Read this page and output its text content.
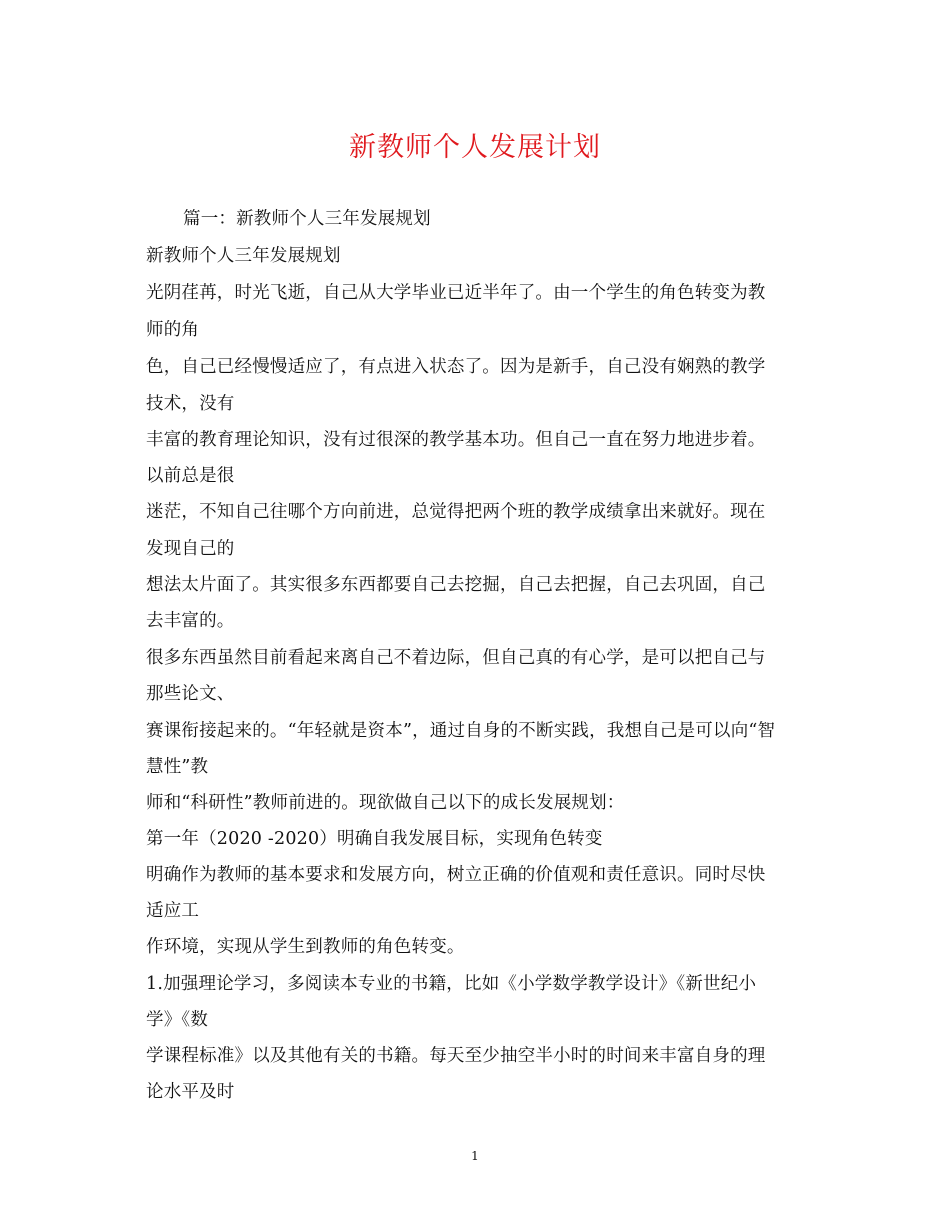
新教师个人发展计划
篇一：新教师个人三年发展规划
新教师个人三年发展规划
光阴荏苒，时光飞逝，自己从大学毕业已近半年了。由一个学生的角色转变为教
师的角
色，自己已经慢慢适应了，有点进入状态了。因为是新手，自己没有娴熟的教学
技术，没有
丰富的教育理论知识，没有过很深的教学基本功。但自己一直在努力地进步着。
以前总是很
迷茫，不知自己往哪个方向前进，总觉得把两个班的教学成绩拿出来就好。现在
发现自己的
想法太片面了。其实很多东西都要自己去挖掘，自己去把握，自己去巩固，自己
去丰富的。
很多东西虽然目前看起来离自己不着边际，但自己真的有心学，是可以把自己与
那些论文、
赛课衔接起来的。“年轻就是资本”，通过自身的不断实践，我想自己是可以向“智
慧性”教
师和“科研性”教师前进的。现欲做自己以下的成长发展规划：
第一年（2020 -2020）明确自我发展目标，实现角色转变
明确作为教师的基本要求和发展方向，树立正确的价值观和责任意识。同时尽快
适应工
作环境，实现从学生到教师的角色转变。
1.加强理论学习，多阅读本专业的书籍，比如《小学数学教学设计》《新世纪小
学》《数
学课程标准》以及其他有关的书籍。每天至少抽空半小时的时间来丰富自身的理
论水平及时
1
